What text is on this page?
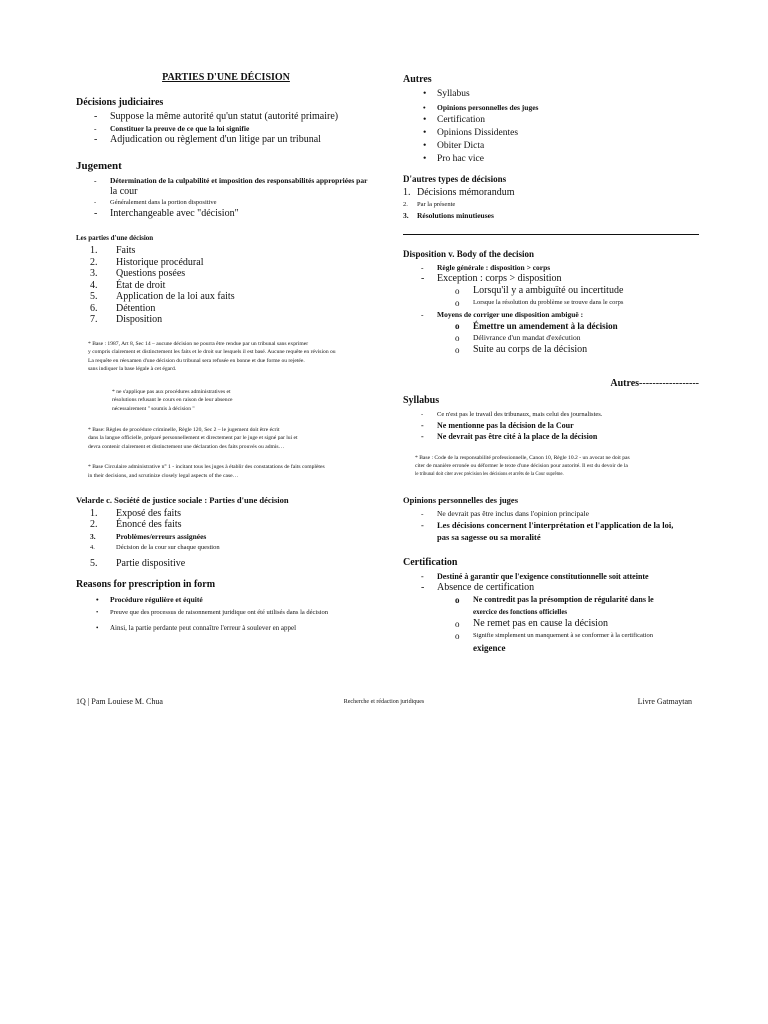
PARTIES D'UNE DÉCISION
Décisions judiciaires
- Suppose la même autorité qu'un statut (autorité primaire)
- Constituer la preuve de ce que la loi signifie
- Adjudication ou règlement d'un litige par un tribunal
Jugement
- Détermination de la culpabilité et imposition des responsabilités appropriées par
la cour
- Généralement dans la portion dispositive
- Interchangeable avec "décision"
Les parties d'une décision
1. Faits
2. Historique procédural
3. Questions posées
4. État de droit
5. Application de la loi aux faits
6. Détention
7. Disposition
* Base : 1987, Art 8, Sec 14 – aucune décision ne pourra être rendue par un tribunal sans exprimer
y compris clairement et distinctement les faits et le droit sur lesquels il est basé. Aucune requête en révision ou
La requête en réexamen d'une décision du tribunal sera refusée en bonne et due forme ou rejetée.
sans indiquer la base légale à cet égard.
* ne s'applique pas aux procédures administratives et
résolutions refusant le cours en raison de leur absence
nécessairement " soumis à décision "
* Base: Règles de procédure criminelle, Règle 120, Sec 2 – le jugement doit être écrit
dans la langue officielle, préparé personnellement et directement par le juge et signé par lui et
devra contenir clairement et distinctement une déclaration des faits prouvés ou admis…
* Base Circulaire administrative n° 1 - incitant tous les juges à établir des constatations de faits complètes
in their decisions, and scrutinize closely legal aspects of the case…
Velarde c. Société de justice sociale : Parties d'une décision
1. Exposé des faits
2. Énoncé des faits
3.	Problèmes/erreurs assignées
4.	Décision de la cour sur chaque question
5. Partie dispositive
Reasons for prescription in form
• Procédure régulière et équité
• Preuve que des processus de raisonnement juridique ont été utilisés dans la décision
• Ainsi, la partie perdante peut connaître l'erreur à soulever en appel
Autres
• Syllabus
• Opinions personnelles des juges
• Certification
• Opinions Dissidentes
• Obiter Dicta
• Pro hac vice
D'autres types de décisions
1. Décisions mémorandum
2. Par la présente
3. Résolutions minutieuses
Disposition v. Body of the decision
- Règle générale : disposition > corps
- Exception : corps > disposition
o Lorsqu'il y a ambiguïté ou incertitude
o Lorsque la résolution du problème se trouve dans le corps
- Moyens de corriger une disposition ambiguë :
o Émettre un amendement à la décision
o Délivrance d'un mandat d'exécution
o Suite au corps de la décision
Autres------------------
Syllabus
- Ce n'est pas le travail des tribunaux, mais celui des journalistes.
- Ne mentionne pas la décision de la Cour
- Ne devrait pas être cité à la place de la décision
* Base : Code de la responsabilité professionnelle, Canon 10, Règle 10.2 - un avocat ne doit pas
citer de manière erronée ou déformer le texte d'une décision pour autorité. Il est du devoir de la
le tribunal doit citer avec précision les décisions et arrêts de la Cour suprême.
Opinions personnelles des juges
- Ne devrait pas être inclus dans l'opinion principale
- Les décisions concernent l'interprétation et l'application de la loi,
pas sa sagesse ou sa moralité
Certification
- Destiné à garantir que l'exigence constitutionnelle soit atteinte
- Absence de certification
o Ne contredit pas la présomption de régularité dans le
exercice des fonctions officielles
o Ne remet pas en cause la décision
o Signifie simplement un manquement à se conformer à la certification
exigence
1Q | Pam Louiese M. Chua	Recherche et rédaction juridiques	Livre Gatmaytan
